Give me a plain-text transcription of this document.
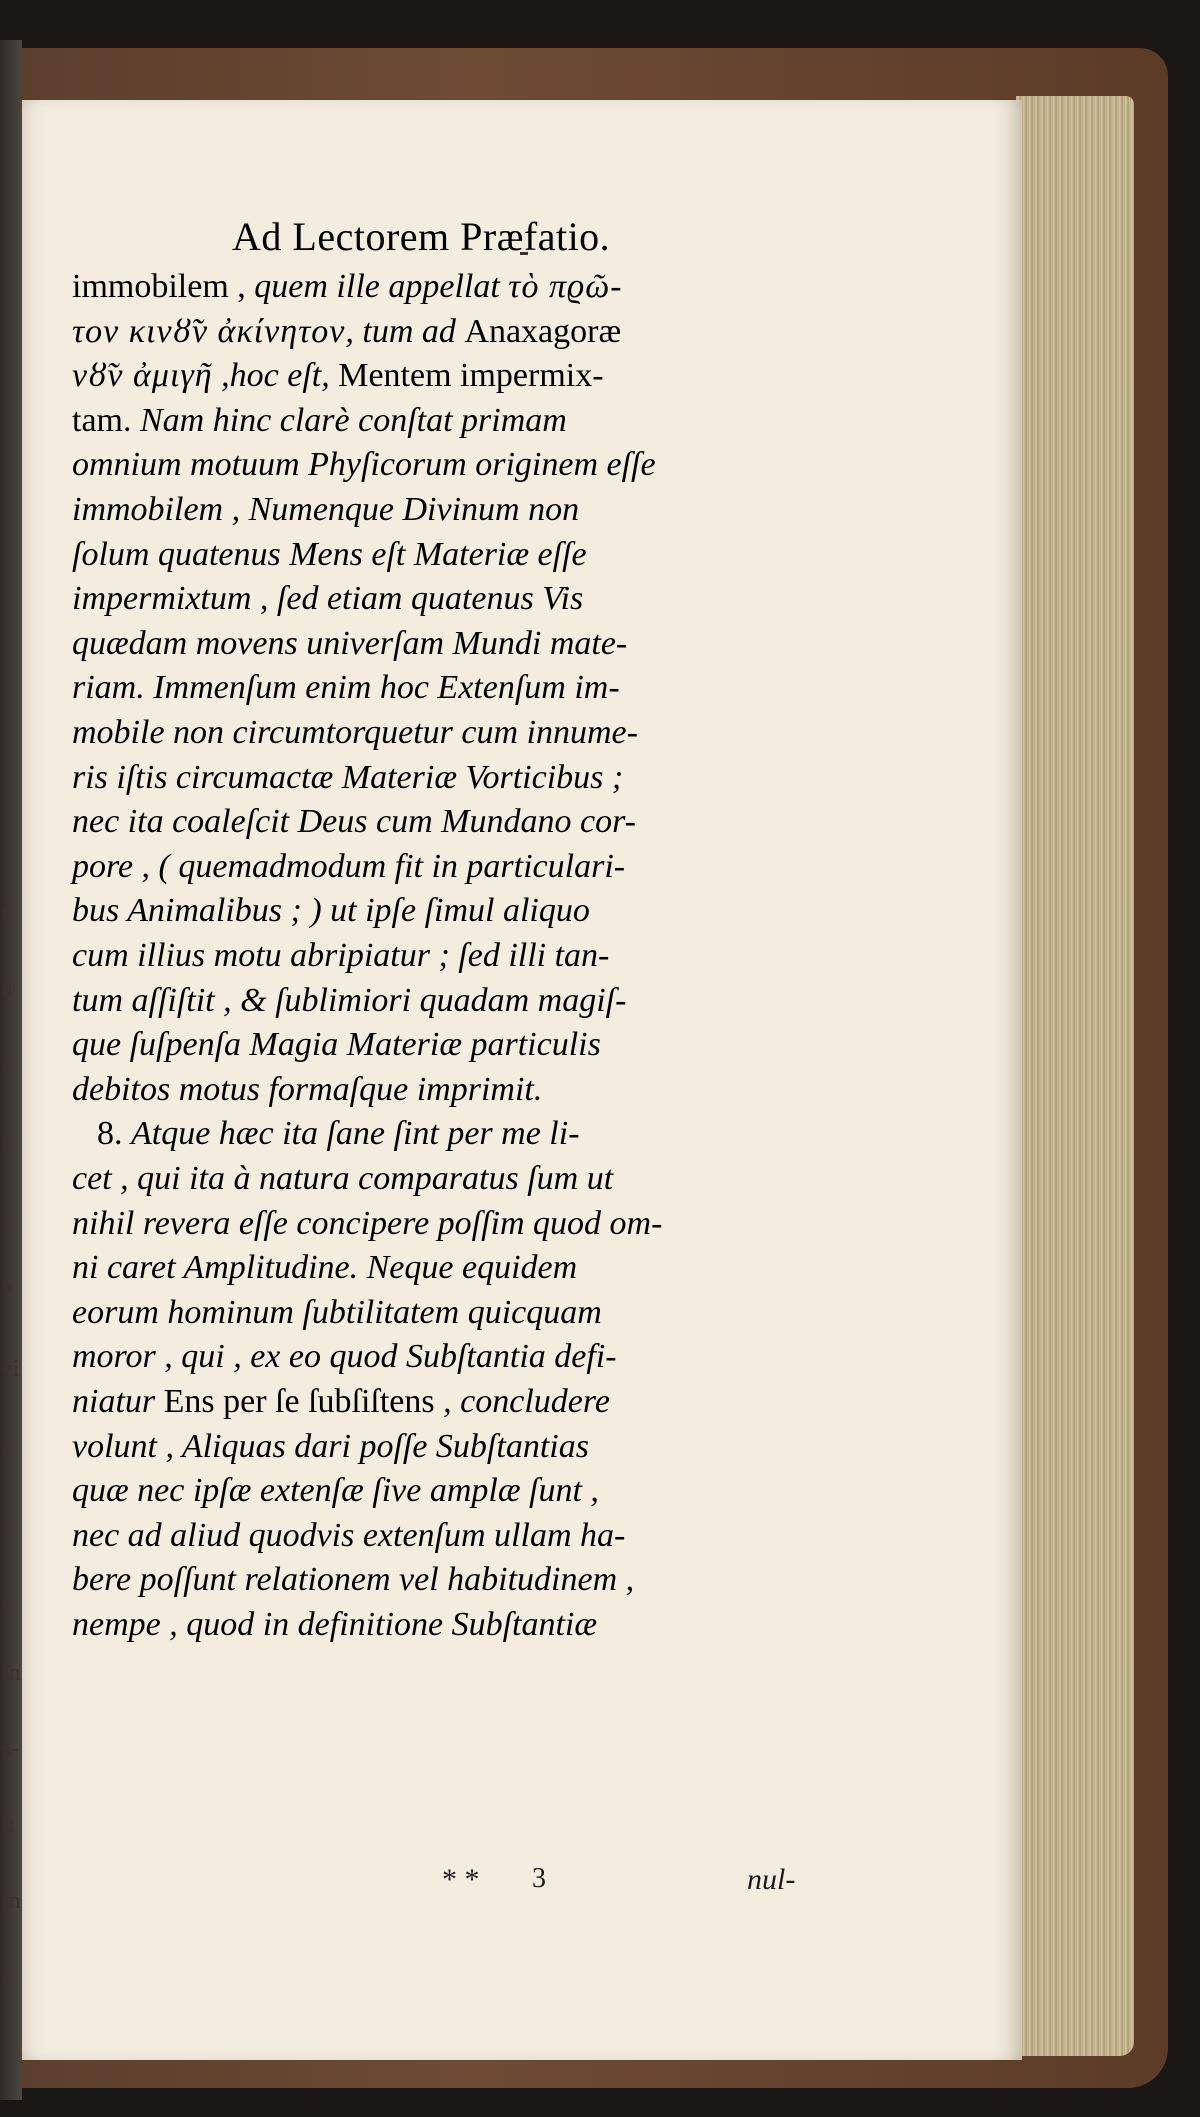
Ad Lectorem Præfatio.
immobilem , quem ille appellat τὸ πϱῶ-
τον κινȣ̃ν ἀκίνητον, tum ad Anaxagoræ
νȣ̃ν ἀμιγῆ ,hoc eſt, Mentem impermix-
tam. Nam hinc clarè conſtat primam
omnium motuum Phyſicorum originem eſſe
immobilem , Numenque Divinum non
ſolum quatenus Mens eſt Materiæ eſſe
impermixtum , ſed etiam quatenus Vis
quædam movens univerſam Mundi mate-
riam. Immenſum enim hoc Extenſum im-
mobile non circumtorquetur cum innume-
ris iſtis circumactæ Materiæ Vorticibus ;
nec ita coaleſcit Deus cum Mundano cor-
pore , ( quemadmodum fit in particulari-
bus Animalibus ; ) ut ipſe ſimul aliquo
cum illius motu abripiatur ; ſed illi tan-
tum aſſiſtit , & ſublimiori quadam magiſ-
que ſuſpenſa Magia Materiæ particulis
debitos motus formaſque imprimit.
8. Atque hæc ita ſane ſint per me li-
cet , qui ita à natura comparatus ſum ut
nihil revera eſſe concipere poſſim quod om-
ni caret Amplitudine. Neque equidem
eorum hominum ſubtilitatem quicquam
moror , qui , ex eo quod Subſtantia defi-
niatur Ens per ſe ſubſiſtens , concludere
volunt , Aliquas dari poſſe Subſtantias
quæ nec ipſæ extenſæ ſive amplæ ſunt ,
nec ad aliud quodvis extenſum ullam ha-
bere poſſunt relationem vel habitudinem ,
nempe , quod in definitione Subſtantiæ
* * 3	nul-
t
a
-
t
,
?
ei
,
,
,
in
s-
u
m
-
